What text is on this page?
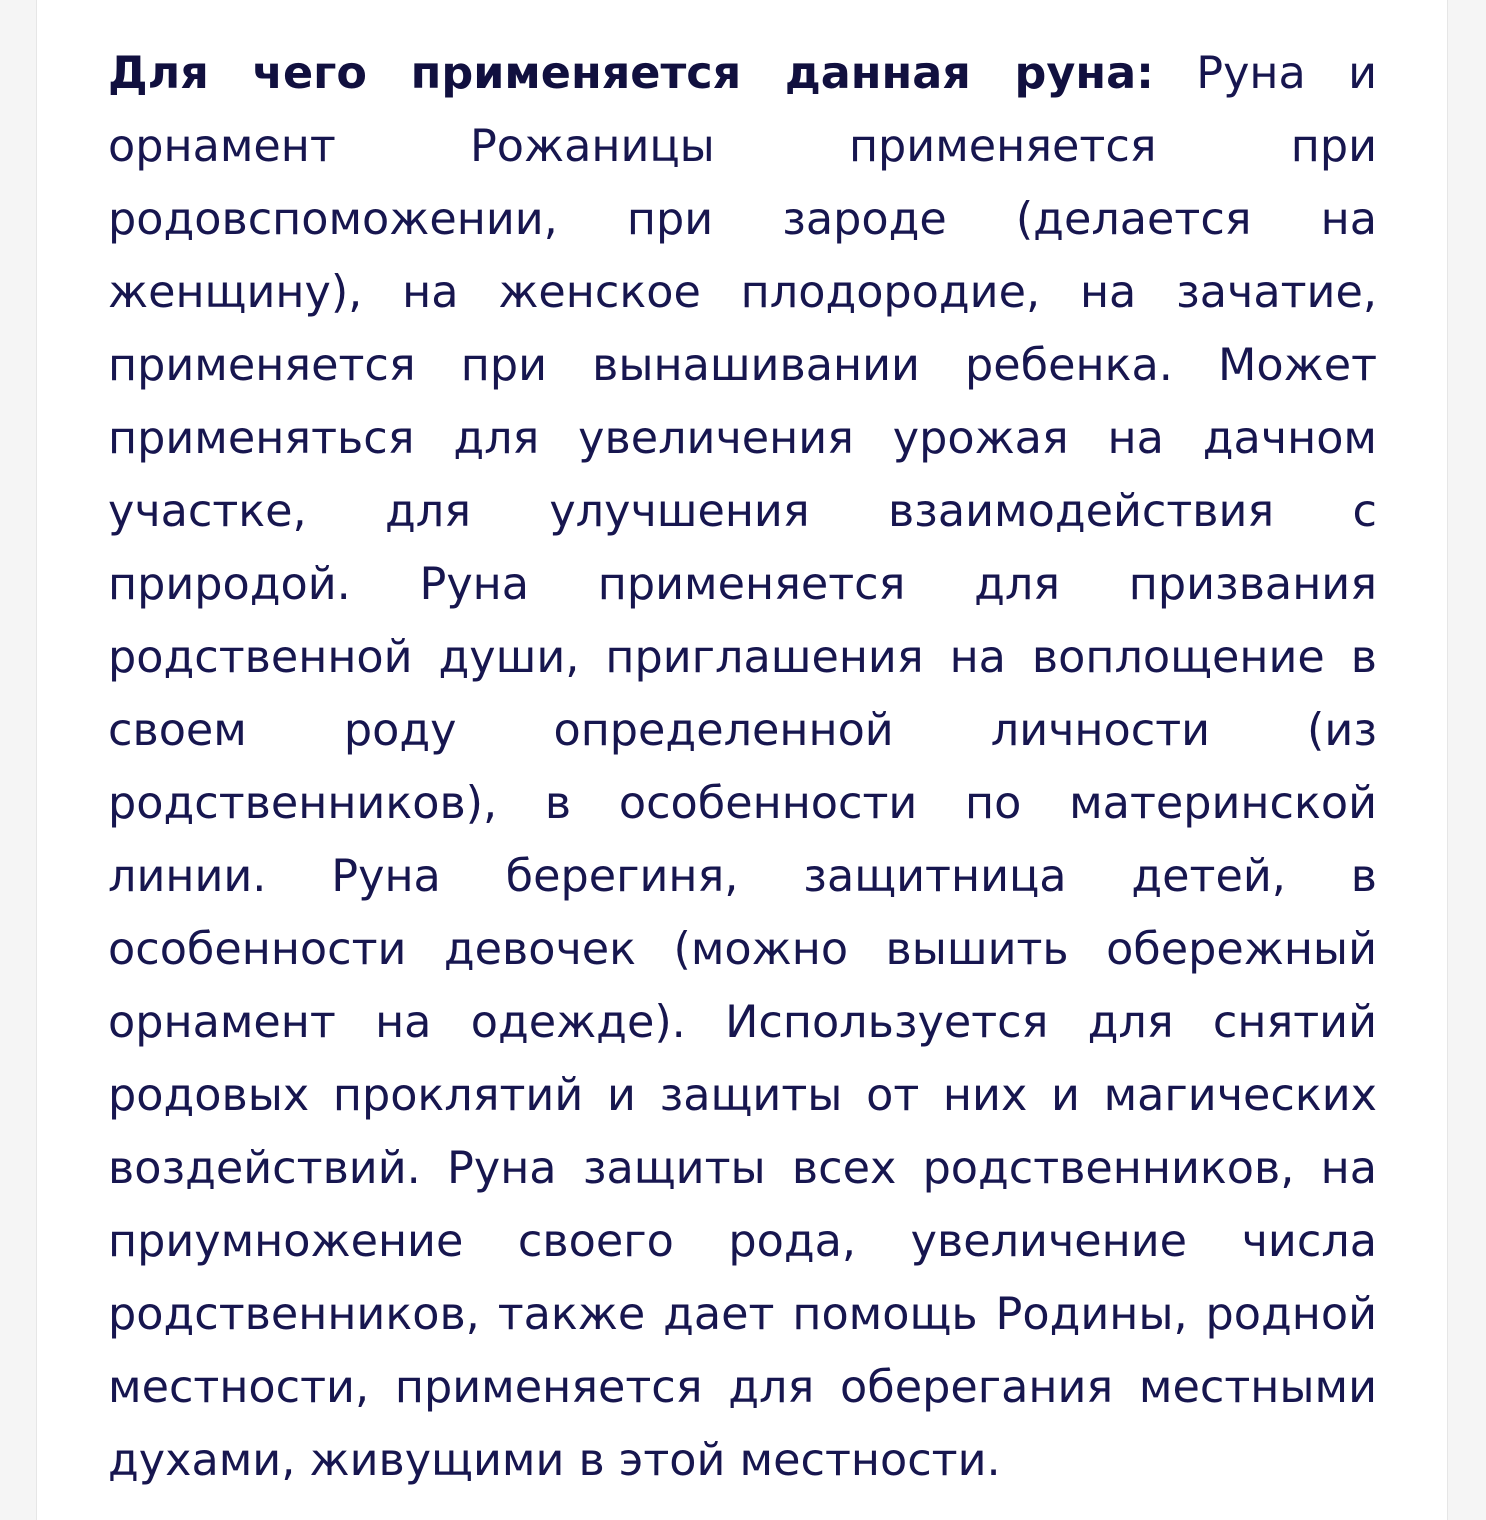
Для чего применяется данная руна: Руна и орнамент Рожаницы применяется при родовспоможении, при зароде (делается на женщину), на женское плодородие, на зачатие, применяется при вынашивании ребенка. Может применяться для увеличения урожая на дачном участке, для улучшения взаимодействия с природой. Руна применяется для призвания родственной души, приглашения на воплощение в своем роду определенной личности (из родственников), в особенности по материнской линии. Руна берегиня, защитница детей, в особенности девочек (можно вышить обережный орнамент на одежде). Используется для снятий родовых проклятий и защиты от них и магических воздействий. Руна защиты всех родственников, на приумножение своего рода, увеличение числа родственников, также дает помощь Родины, родной местности, применяется для оберегания местными духами, живущими в этой местности.
